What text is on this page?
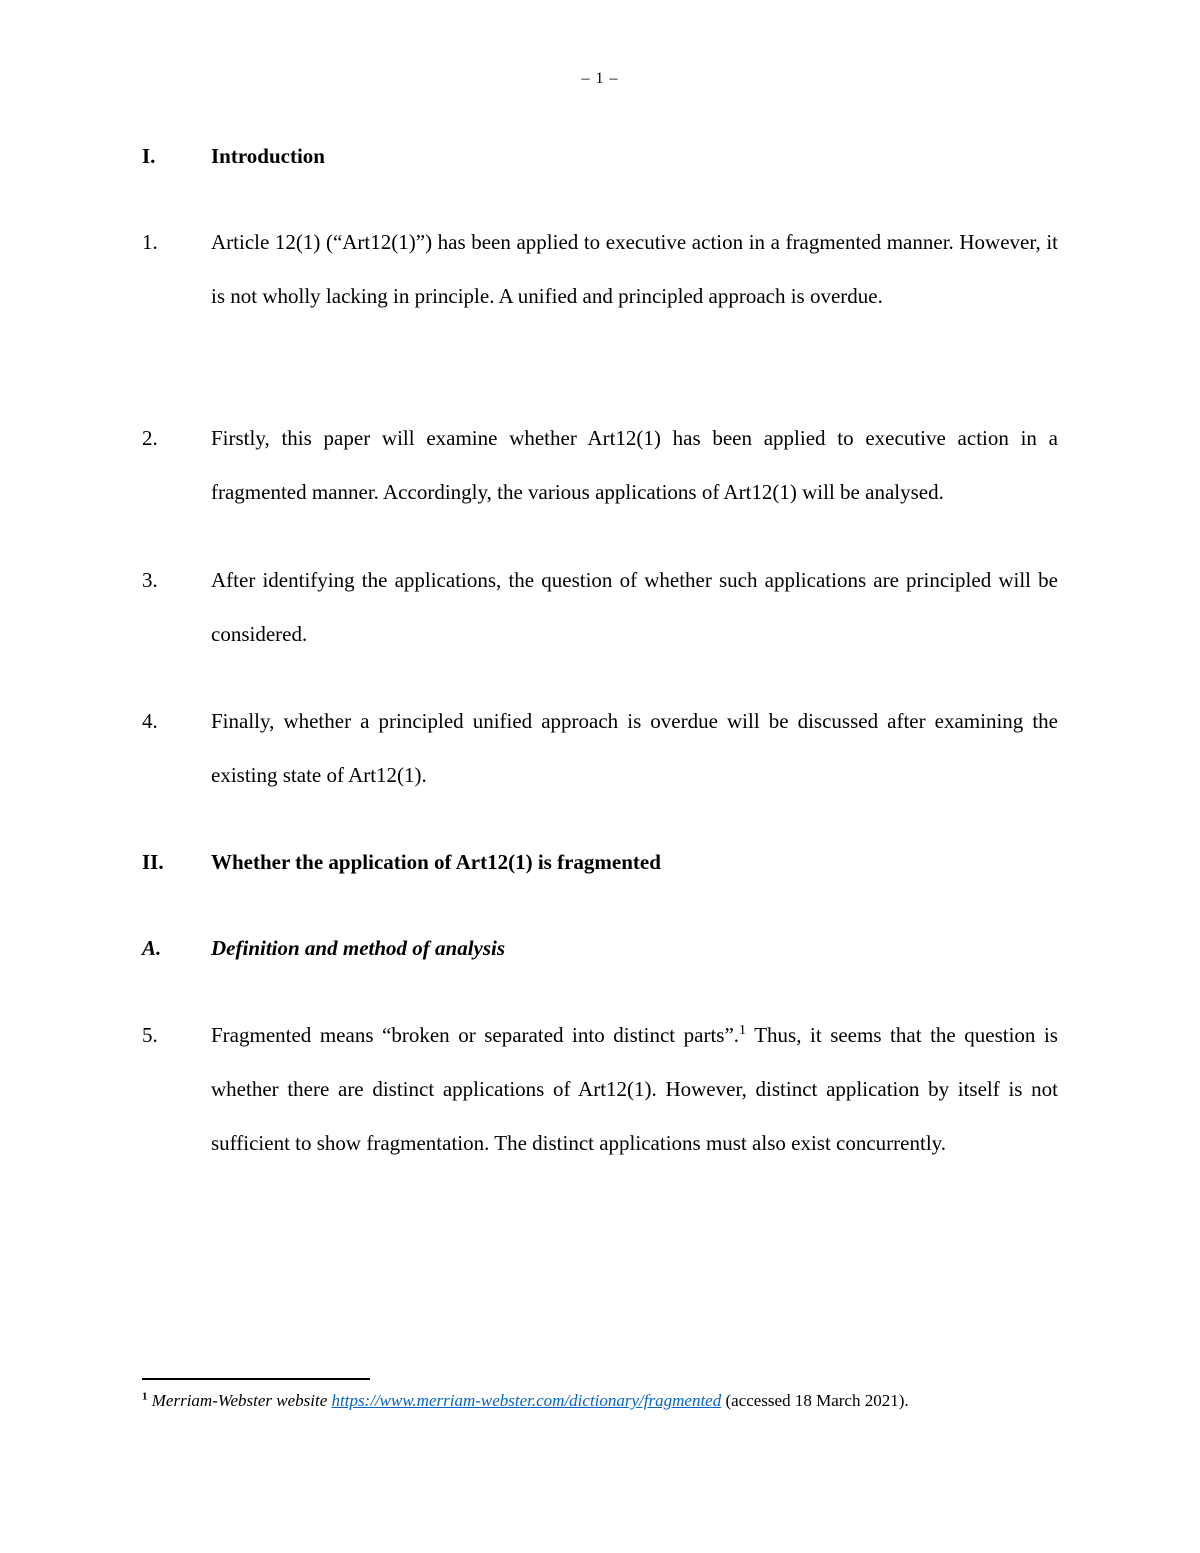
– 1 –
I.	Introduction
1.	Article 12(1) (“Art12(1)”) has been applied to executive action in a fragmented manner. However, it is not wholly lacking in principle. A unified and principled approach is overdue.
2.	Firstly, this paper will examine whether Art12(1) has been applied to executive action in a fragmented manner. Accordingly, the various applications of Art12(1) will be analysed.
3.	After identifying the applications, the question of whether such applications are principled will be considered.
4.	Finally, whether a principled unified approach is overdue will be discussed after examining the existing state of Art12(1).
II.	Whether the application of Art12(1) is fragmented
A.	Definition and method of analysis
5.	Fragmented means “broken or separated into distinct parts”.$^1$ Thus, it seems that the question is whether there are distinct applications of Art12(1). However, distinct application by itself is not sufficient to show fragmentation. The distinct applications must also exist concurrently.
$^1$ Merriam-Webster website https://www.merriam-webster.com/dictionary/fragmented (accessed 18 March 2021).
